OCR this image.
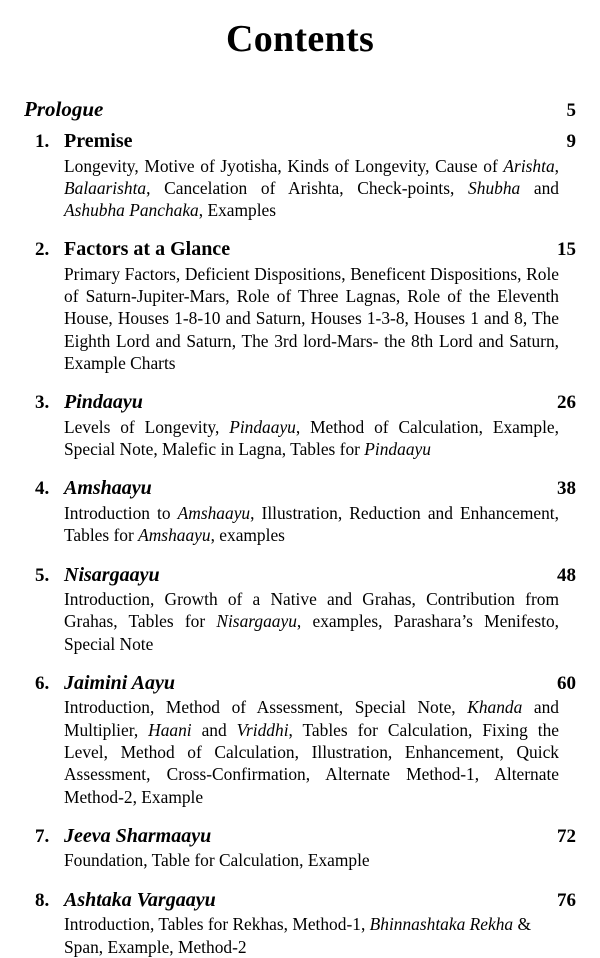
Contents
Prologue	5
1. Premise	9
Longevity, Motive of Jyotisha, Kinds of Longevity, Cause of Arishta, Balaarishta, Cancelation of Arishta, Check-points, Shubha and Ashubha Panchaka, Examples
2. Factors at a Glance	15
Primary Factors, Deficient Dispositions, Beneficent Dispositions, Role of Saturn-Jupiter-Mars, Role of Three Lagnas, Role of the Eleventh House, Houses 1-8-10 and Saturn, Houses 1-3-8, Houses 1 and 8, The Eighth Lord and Saturn, The 3rd lord-Mars- the 8th Lord and Saturn, Example Charts
3. Pindaayu	26
Levels of Longevity, Pindaayu, Method of Calculation, Example, Special Note, Malefic in Lagna, Tables for Pindaayu
4. Amshaayu	38
Introduction to Amshaayu, Illustration, Reduction and Enhancement, Tables for Amshaayu, examples
5. Nisargaayu	48
Introduction, Growth of a Native and Grahas, Contribution from Grahas, Tables for Nisargaayu, examples, Parashara’s Menifesto, Special Note
6. Jaimini Aayu	60
Introduction, Method of Assessment, Special Note, Khanda and Multiplier, Haani and Vriddhi, Tables for Calculation, Fixing the Level, Method of Calculation, Illustration, Enhancement, Quick Assessment, Cross-Confirmation, Alternate Method-1, Alternate Method-2, Example
7. Jeeva Sharmaayu	72
Foundation, Table for Calculation, Example
8. Ashtaka Vargaayu	76
Introduction, Tables for Rekhas, Method-1, Bhinnashtaka Rekha & Span, Example, Method-2
